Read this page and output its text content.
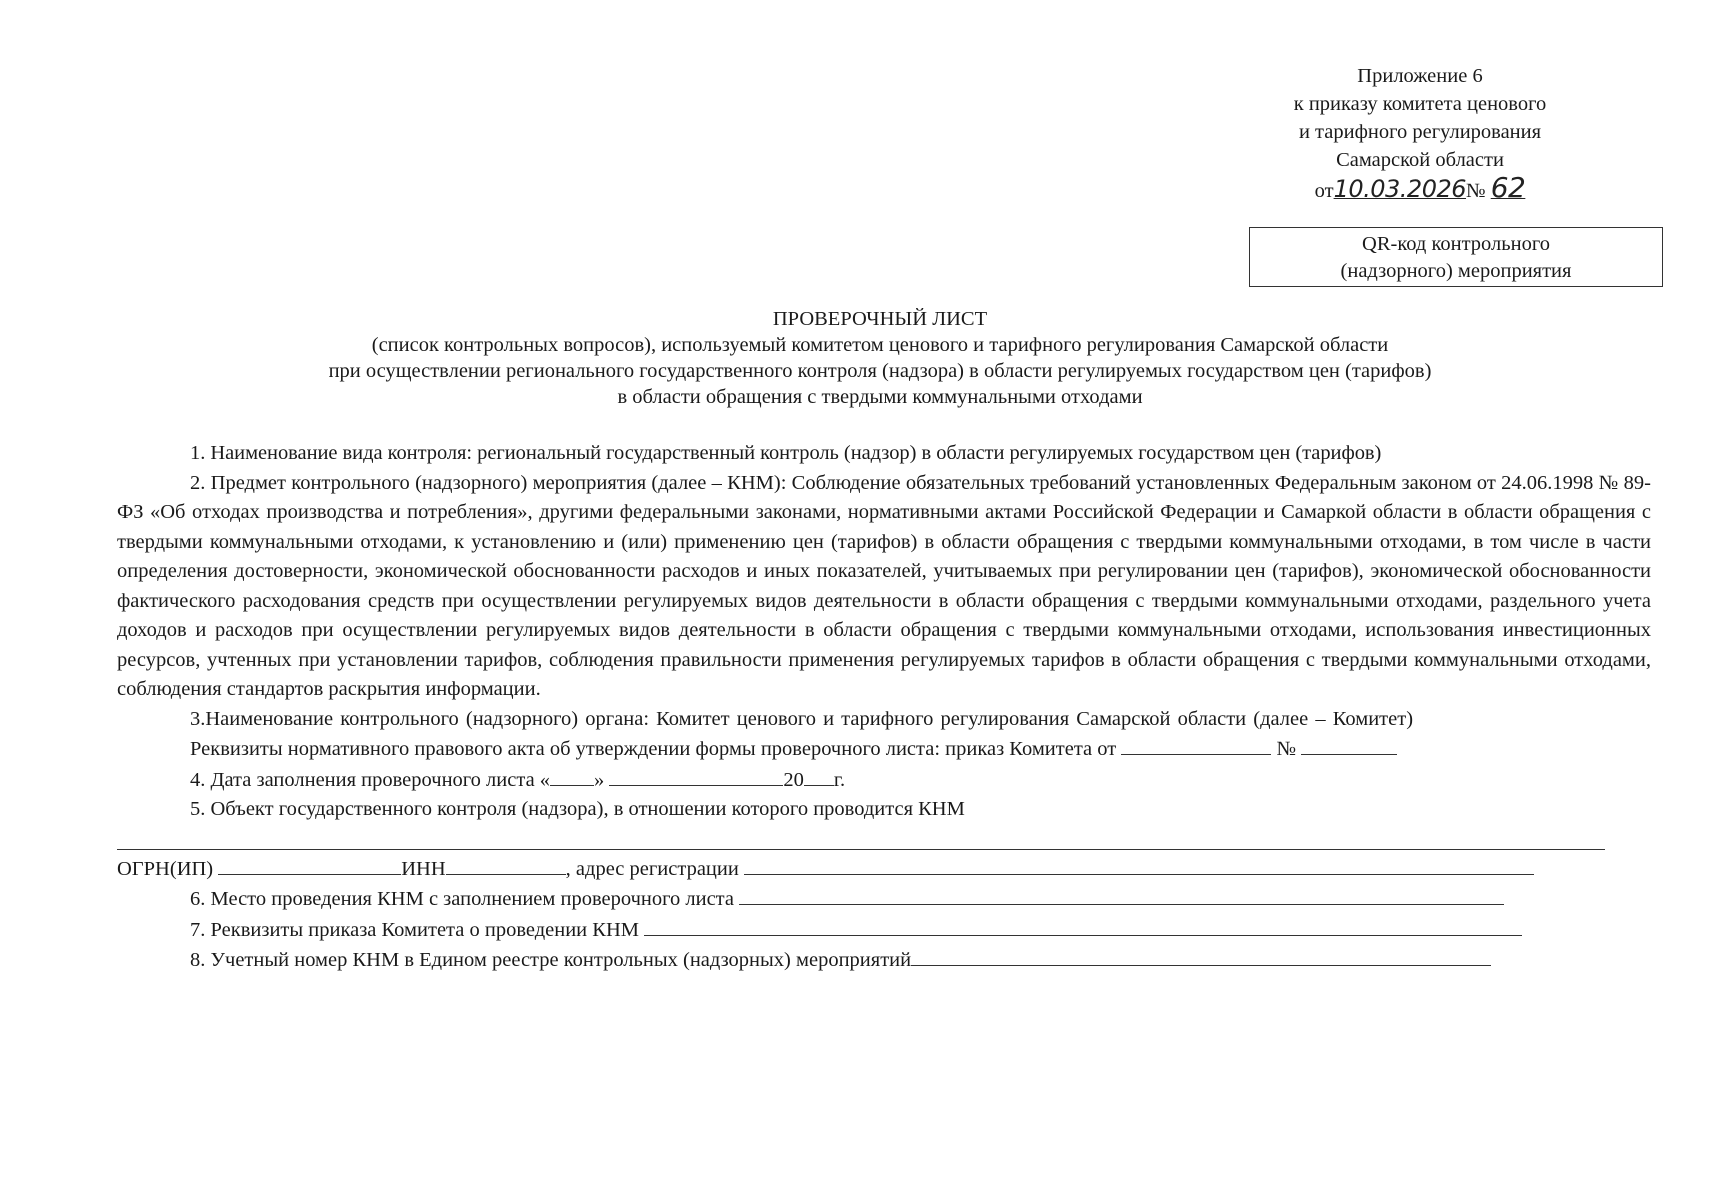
Приложение 6
к приказу комитета ценового
и тарифного регулирования
Самарской области
от10.03.2026№ 62
QR-код контрольного
(надзорного) мероприятия
ПРОВЕРОЧНЫЙ ЛИСТ
(список контрольных вопросов), используемый комитетом ценового и тарифного регулирования Самарской области
при осуществлении регионального государственного контроля (надзора) в области регулируемых государством цен (тарифов)
в области обращения с твердыми коммунальными отходами

1. Наименование вида контроля: региональный государственный контроль (надзор) в области регулируемых государством цен (тарифов)

2. Предмет контрольного (надзорного) мероприятия (далее – КНМ): Соблюдение обязательных требований установленных Федеральным законом от 24.06.1998 № 89-ФЗ «Об отходах производства и потребления», другими федеральными законами, нормативными актами Российской Федерации и Самаркой области в области обращения с твердыми коммунальными отходами, к установлению и (или) применению цен (тарифов) в области обращения с твердыми коммунальными отходами, в том числе в части определения достоверности, экономической обоснованности расходов и иных показателей, учитываемых при регулировании цен (тарифов), экономической обоснованности фактического расходования средств при осуществлении регулируемых видов деятельности в области обращения с твердыми коммунальными отходами, раздельного учета доходов и расходов при осуществлении регулируемых видов деятельности в области обращения с твердыми коммунальными отходами, использования инвестиционных ресурсов, учтенных при установлении тарифов, соблюдения правильности применения регулируемых тарифов в области обращения с твердыми коммунальными отходами, соблюдения стандартов раскрытия информации.

3.Наименование контрольного (надзорного) органа: Комитет ценового и тарифного регулирования Самарской области (далее – Комитет)

Реквизиты нормативного правового акта об утверждении формы проверочного листа: приказ Комитета от	№

4. Дата заполнения проверочного листа « »	20 г.

5. Объект государственного контроля (надзора), в отношении которого проводится КНМ

ОГРН(ИП)	ИНН	, адрес регистрации

6. Место проведения КНМ с заполнением проверочного листа

7. Реквизиты приказа Комитета о проведении КНМ

8. Учетный номер КНМ в Едином реестре контрольных (надзорных) мероприятий
